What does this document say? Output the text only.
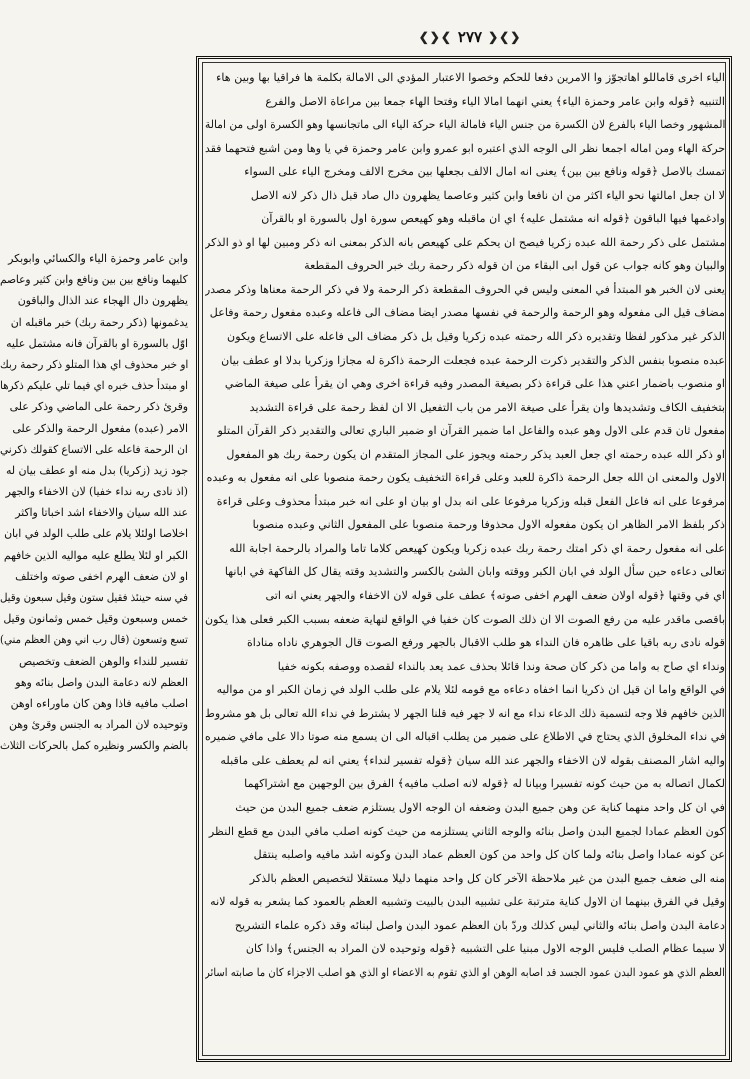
❮❯❮ ٢٧٧ ❯❮❯
الياء اخرى قاماللو اهاتجوّز وا الامرين دفعا للحكم وخصوا الاعتبار المؤدي الى الامالة بكلمة ها فراقيا بها وبين هاء
التنبيه ﴿قوله وابن عامر وحمزة الياء﴾ يعني انهما امالا الياء وفتحا الهاء جمعا بين مراعاة الاصل والفرع
المشهور وخصا الياء بالفرع لان الكسرة من جنس الياء فامالة الياء حركة الياء الى ماتجانسها وهو الكسرة اولى من امالة
حركة الهاء ومن اماله اجمعا نظر الى الوجه الذي اعتبره ابو عمرو وابن عامر وحمزة في يا وها ومن اشبع فتحهما فقد
تمسك بالاصل ﴿قوله ونافع بين بين﴾ يعنى انه امال الالف بجعلها بين مخرج الالف ومخرج الياء على السواء
لا ان جعل امالتها نحو الياء اكثر من ان نافعا وابن كثير وعاصما يظهرون دال صاد قبل ذال ذكر لانه الاصل
وادغمها فيها الباقون ﴿قوله انه مشتمل عليه﴾ اي ان ماقبله وهو كهيعص سورة اول بالسورة او بالقرآن
مشتمل على ذكر رحمة الله عبده زكريا فيصح ان يحكم على كهيعص بانه الذكر بمعنى انه ذكر ومبين لها او ذو الذكر
والبيان وهو كانه جواب عن قول ابى البقاء من ان قوله ذكر رحمة ربك خبر الحروف المقطعة
يعنى لان الخبر هو المبتدأ في المعنى وليس في الحروف المقطعة ذكر الرحمة ولا في ذكر الرحمة معناها وذكر مصدر
مضاف قيل الى مفعوله وهو الرحمة والرحمة في نفسها مصدر ايضا مضاف الى فاعله وعبده مفعول رحمة وفاعل
الذكر غير مذكور لفظا وتقديره ذكر الله رحمته عبده زكريا وقيل بل ذكر مضاف الى فاعله على الاتساع ويكون
عبده منصوبا بنفس الذكر والتقدير ذكرت الرحمة عبده فجعلت الرحمة ذاكرة له مجازا وزكريا بدلا او عطف بيان
او منصوب باضمار اعني هذا على قراءة ذكر بصيغة المصدر وفيه قراءة اخرى وهي ان يقرأ على صيغة الماضي
بتخفيف الكاف وتشديدها وان يقرأ على صيغة الامر من باب التفعيل الا ان لفظ رحمة على قراءة التشديد
مفعول ثان قدم على الاول وهو عبده والفاعل اما ضمير القرآن او ضمير الباري تعالى والتقدير ذكر القرآن المتلو
او ذكر الله عبده رحمته اي جعل العبد يذكر رحمته ويجوز على المجاز المتقدم ان يكون رحمة ربك هو المفعول
الاول والمعنى ان الله جعل الرحمة ذاكرة للعبد وعلى قراءة التخفيف يكون رحمة منصوبا على انه مفعول به وعبده
مرفوعا على انه فاعل الفعل قبله وزكريا مرفوعا على انه بدل او بيان او على انه خبر مبتدأ محذوف وعلى قراءة
ذكر بلفظ الامر الظاهر ان يكون مفعوله الاول محذوفا ورحمة منصوبا على المفعول الثاني وعبده منصوبا
على انه مفعول رحمة اي ذكر امتك رحمة ربك عبده زكريا ويكون كهيعص كلاما تاما والمراد بالرحمة اجابة الله
تعالى دعاءه حين سأل الولد في ابان الكبر ووقته وابان الشئ بالكسر والتشديد وقته يقال كل الفاكهة في ابانها
اي في وقتها ﴿قوله اولان ضعف الهرم اخفى صوته﴾ عطف على قوله لان الاخفاء والجهر يعني انه اتى
باقصى ماقدر عليه من رفع الصوت الا ان ذلك الصوت كان خفيا في الواقع لنهاية ضعفه بسبب الكبر فعلى هذا يكون
قوله نادى ربه باقيا على ظاهره فان النداء هو طلب الاقبال بالجهر ورفع الصوت قال الجوهري ناداه مناداة
ونداء اي صاح به واما من ذكر كان صحة وندا قائلا بحذف عمد يعد بالنداء لقصده ووصفه بكونه خفيا
في الواقع واما ان قيل ان ذكريا انما اخفاه دعاءه مع قومه لئلا يلام على طلب الولد في زمان الكبر او من مواليه
الذين خافهم فلا وجه لتسمية ذلك الدعاء نداء مع انه لا جهر فيه قلنا الجهر لا يشترط في نداء الله تعالى بل هو مشروط
في نداء المخلوق الذي يحتاج في الاطلاع على ضمير من يطلب اقباله الى ان يسمع منه صوتا دالا على مافي ضميره
واليه اشار المصنف بقوله لان الاخفاء والجهر عند الله سيان ﴿قوله تفسير لنداء﴾ يعني انه لم يعطف على ماقبله
لكمال اتصاله به من حيث كونه تفسيرا وبيانا له ﴿قوله لانه اصلب مافيه﴾ الفرق بين الوجهين مع اشتراكهما
في ان كل واحد منهما كناية عن وهن جميع البدن وضعفه ان الوجه الاول يستلزم ضعف جميع البدن من حيث
كون العظم عمادا لجميع البدن واصل بنائه والوجه الثاني يستلزمه من حيث كونه اصلب مافي البدن مع قطع النظر
عن كونه عمادا واصل بنائه ولما كان كل واحد من كون العظم عماد البدن وكونه اشد مافيه واصلبه ينتقل
منه الى ضعف جميع البدن من غير ملاحظة الآخر كان كل واحد منهما دليلا مستقلا لتخصيص العظم بالذكر
وقيل في الفرق بينهما ان الاول كناية مترتبة على تشبيه البدن بالبيت وتشبيه العظم بالعمود كما يشعر به قوله لانه
دعامة البدن واصل بنائه والثاني ليس كذلك وردّ بان العظم عمود البدن واصل لبنائه وقد ذكره علماء التشريح
لا سيما عظام الصلب فليس الوجه الاول مبنيا على التشبيه ﴿قوله وتوحيده لان المراد به الجنس﴾ واذا كان
العظم الذي هو عمود البدن عمود الجسد قد اصابه الوهن او الذي تقوم به الاعضاء او الذي هو اصلب الاجزاء كان ما صابته اسائر
وابن عامر وحمزة الياء والكسائي وابوبكر
كليهما ونافع بين بين ونافع وابن كثير وعاصم
يظهرون دال الهجاء عند الذال والباقون
يدغمونها (ذكر رحمة ربك) خبر ماقبله ان
اوّل بالسورة او بالقرآن فانه مشتمل عليه
او خبر محذوف اي هذا المتلو ذكر رحمة ربك
او مبتدأ حذف خبره اي فيما تلي عليكم ذكرها
وقرئ ذكر رحمة على الماضي وذكر على
الامر (عبده) مفعول الرحمة والذكر على
ان الرحمة فاعله على الاتساع كقولك ذكرني
جود زيد (زكريا) بدل منه او عطف بيان له
(اذ نادى ربه نداء خفيا) لان الاخفاء والجهر
عند الله سيان والاخفاء اشد اخباتا واكثر
اخلاصا اولئلا يلام على طلب الولد في ابان
الكبر او لئلا يطلع عليه مواليه الذين خافهم
او لان ضعف الهرم اخفى صوته واختلف
في سنه حينئذ فقيل ستون وقيل سبعون وقيل
خمس وسبعون وقيل خمس وثمانون وقيل
تسع وتسعون (قال رب اني وهن العظم مني)
تفسير للنداء والوهن الضعف وتخصيص
العظم لانه دعامة البدن واصل بنائه وهو
اصلب مافيه فاذا وهن كان ماوراءه اوهن
وتوحيده لان المراد به الجنس وقرئ وهن
بالضم والكسر ونظيره كمل بالحركات الثلاث
